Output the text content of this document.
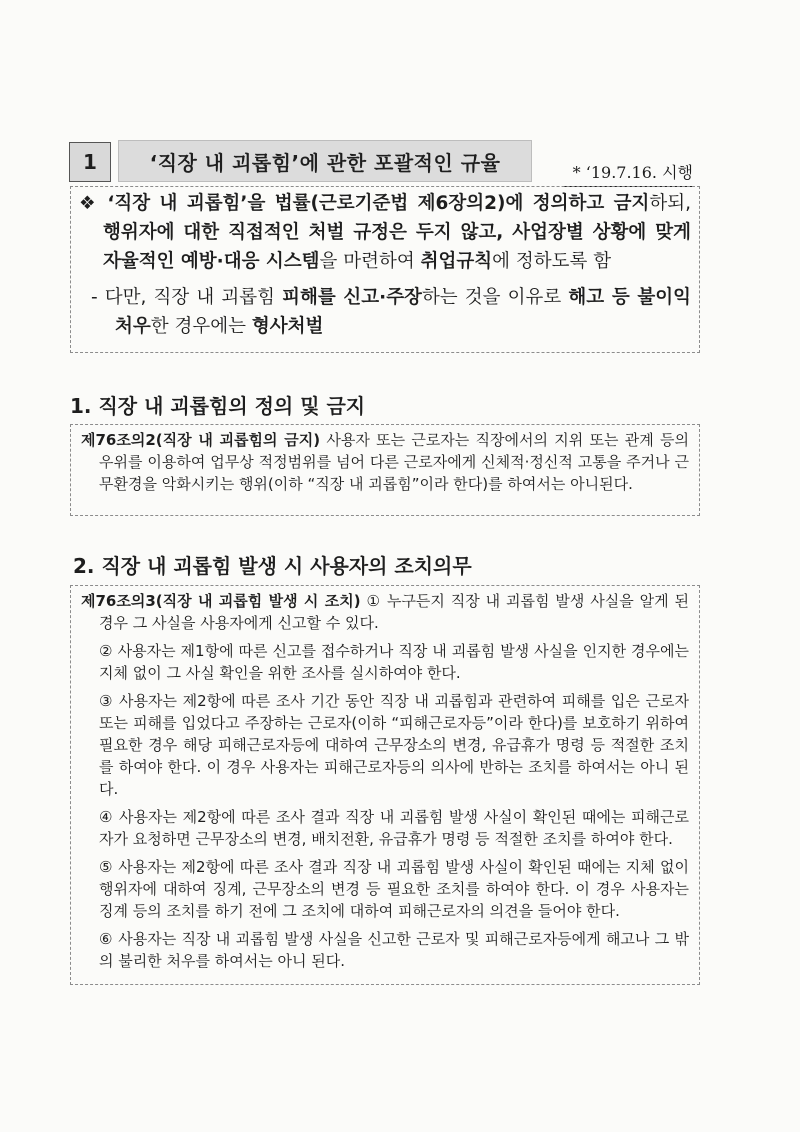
1	‘직장 내 괴롭힘’에 관한 포괄적인 규율	* ‘19.7.16. 시행

❖ ‘직장 내 괴롭힘’을 법률(근로기준법 제6장의2)에 정의하고 금지하되, 행위자에 대한 직접적인 처벌 규정은 두지 않고, 사업장별 상황에 맞게 자율적인 예방·대응 시스템을 마련하여 취업규칙에 정하도록 함

- 다만, 직장 내 괴롭힘 피해를 신고·주장하는 것을 이유로 해고 등 불이익 처우한 경우에는 형사처벌

1. 직장 내 괴롭힘의 정의 및 금지

제76조의2(직장 내 괴롭힘의 금지) 사용자 또는 근로자는 직장에서의 지위 또는 관계 등의 우위를 이용하여 업무상 적정범위를 넘어 다른 근로자에게 신체적·정신적 고통을 주거나 근무환경을 악화시키는 행위(이하 “직장 내 괴롭힘”이라 한다)를 하여서는 아니된다.

2. 직장 내 괴롭힘 발생 시 사용자의 조치의무

제76조의3(직장 내 괴롭힘 발생 시 조치) ① 누구든지 직장 내 괴롭힘 발생 사실을 알게 된 경우 그 사실을 사용자에게 신고할 수 있다.

② 사용자는 제1항에 따른 신고를 접수하거나 직장 내 괴롭힘 발생 사실을 인지한 경우에는 지체 없이 그 사실 확인을 위한 조사를 실시하여야 한다.

③ 사용자는 제2항에 따른 조사 기간 동안 직장 내 괴롭힘과 관련하여 피해를 입은 근로자 또는 피해를 입었다고 주장하는 근로자(이하 “피해근로자등”이라 한다)를 보호하기 위하여 필요한 경우 해당 피해근로자등에 대하여 근무장소의 변경, 유급휴가 명령 등 적절한 조치를 하여야 한다. 이 경우 사용자는 피해근로자등의 의사에 반하는 조치를 하여서는 아니 된다.

④ 사용자는 제2항에 따른 조사 결과 직장 내 괴롭힘 발생 사실이 확인된 때에는 피해근로자가 요청하면 근무장소의 변경, 배치전환, 유급휴가 명령 등 적절한 조치를 하여야 한다.

⑤ 사용자는 제2항에 따른 조사 결과 직장 내 괴롭힘 발생 사실이 확인된 때에는 지체 없이 행위자에 대하여 징계, 근무장소의 변경 등 필요한 조치를 하여야 한다. 이 경우 사용자는 징계 등의 조치를 하기 전에 그 조치에 대하여 피해근로자의 의견을 들어야 한다.

⑥ 사용자는 직장 내 괴롭힘 발생 사실을 신고한 근로자 및 피해근로자등에게 해고나 그 밖의 불리한 처우를 하여서는 아니 된다.
